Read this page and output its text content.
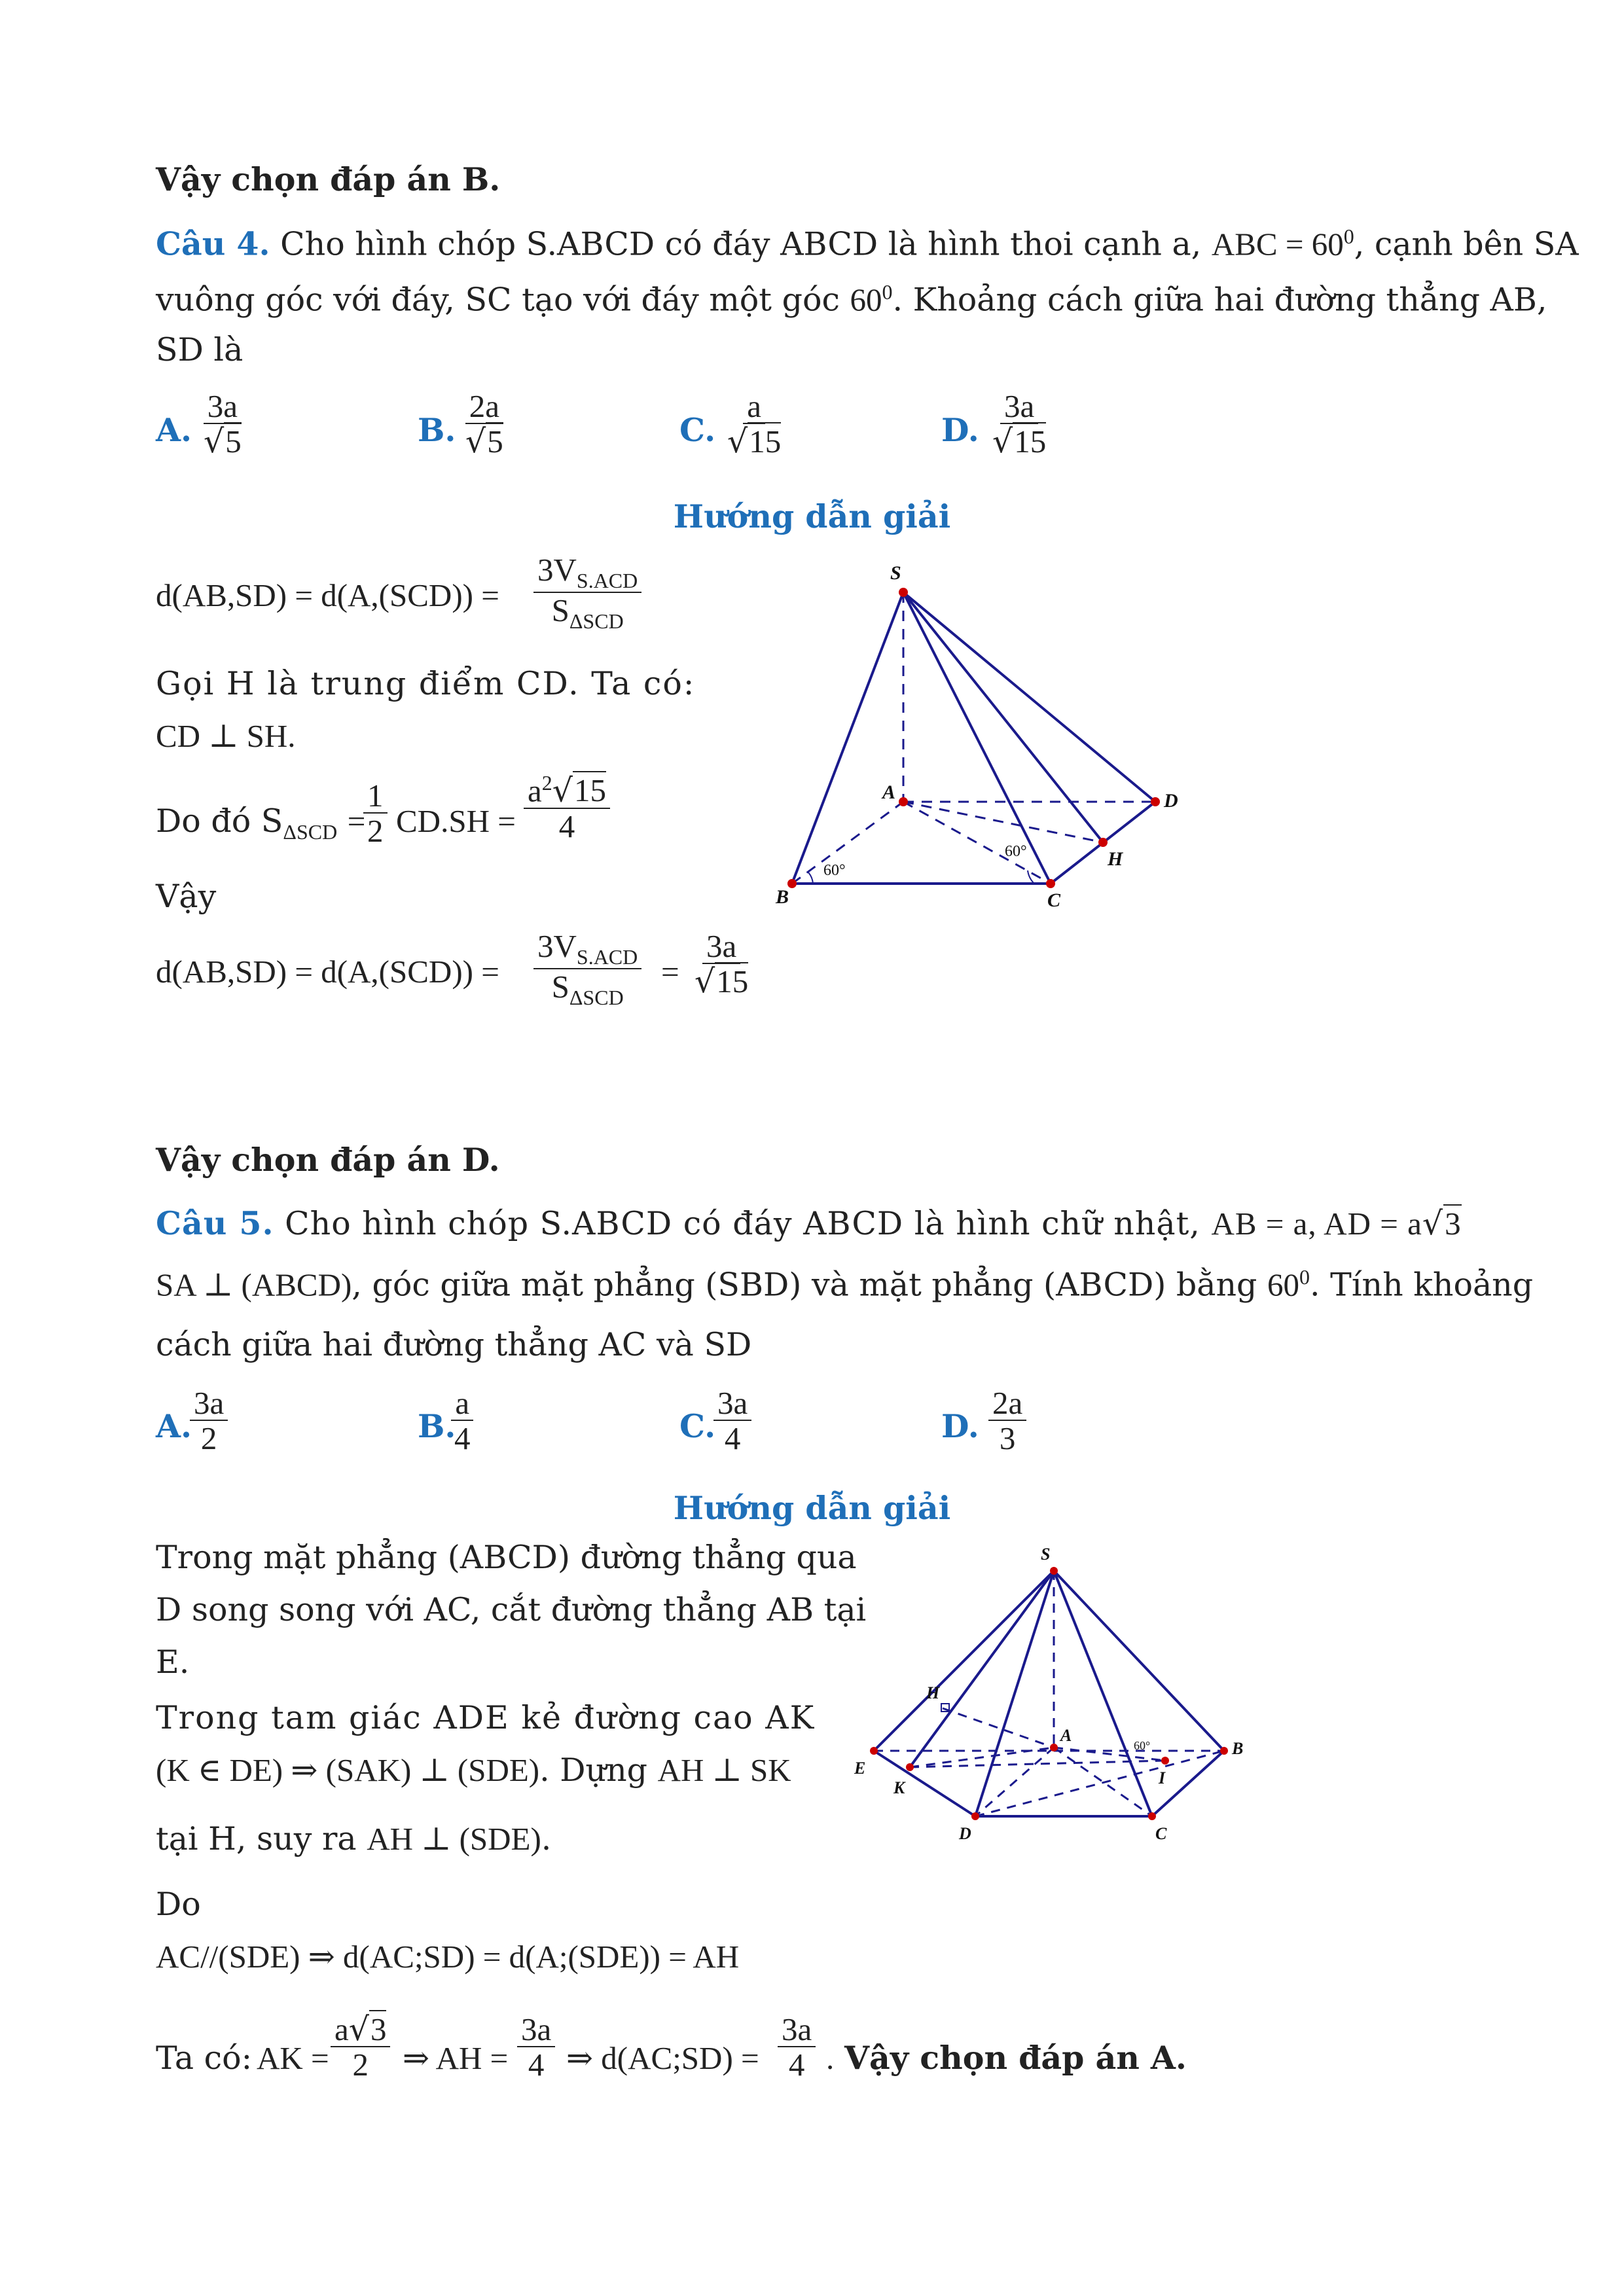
Vậy chọn đáp án B.
Câu 4. Cho hình chóp S.ABCD có đáy ABCD là hình thoi cạnh a, ABC = $60^0$, cạnh bên SA
vuông góc với đáy, SC tạo với đáy một góc $60^0$. Khoảng cách giữa hai đường thẳng AB,
SD là
A. $\frac{3a}{√5}$	B. $\frac{2a}{√5}$	C. $\frac{a}{√15}$	D. $\frac{3a}{√15}$
Hướng dẫn giải
d(AB,SD) = d(A,(SCD)) =
$3V_{S.ACD}$
$S_{\Delta SCD}$
Gọi H là trung điểm CD. Ta có:
CD ⊥ SH.
Do đó $S_{\Delta SCD}$ =
$\frac{1}{2} CD.SH = \frac{a^2√15}{4}$
Vậy
d(AB,SD) = d(A,(SCD)) =
$3V_{S.ACD}$
$S_{\Delta SCD}$
= $\frac{3a}{√15}$
S
A
B	C
D
H
60°
60°
Vậy chọn đáp án D.
Câu 5. Cho hình chóp S.ABCD có đáy ABCD là hình chữ nhật, AB = a, AD = a√3
SA ⊥ (ABCD), góc giữa mặt phẳng (SBD) và mặt phẳng (ABCD) bằng $60^0$. Tính khoảng
cách giữa hai đường thẳng AC và SD
A.
$\frac{3a}{2}$	B.
$\frac{a}{4}$	C.
$\frac{3a}{4}$	D. $\frac{2a}{3}$
Hướng dẫn giải
Trong mặt phẳng (ABCD) đường thẳng qua
D song song với AC, cắt đường thẳng AB tại
E.
Trong tam giác ADE kẻ đường cao AK
(K ∈ DE) ⇒ (SAK) ⊥ (SDE). Dựng AH ⊥ SK
tại H, suy ra AH ⊥ (SDE).
Do
AC//(SDE) ⇒ d(AC;SD) = d(A;(SDE)) = AH
Ta có: AK = $\frac{a√3}{2}$ ⇒ AH = $\frac{3a}{4}$ ⇒ d(AC;SD) = $\frac{3a}{4}$ . Vậy chọn đáp án A.
S
A
B
C
D
E
K
H
I
60°
